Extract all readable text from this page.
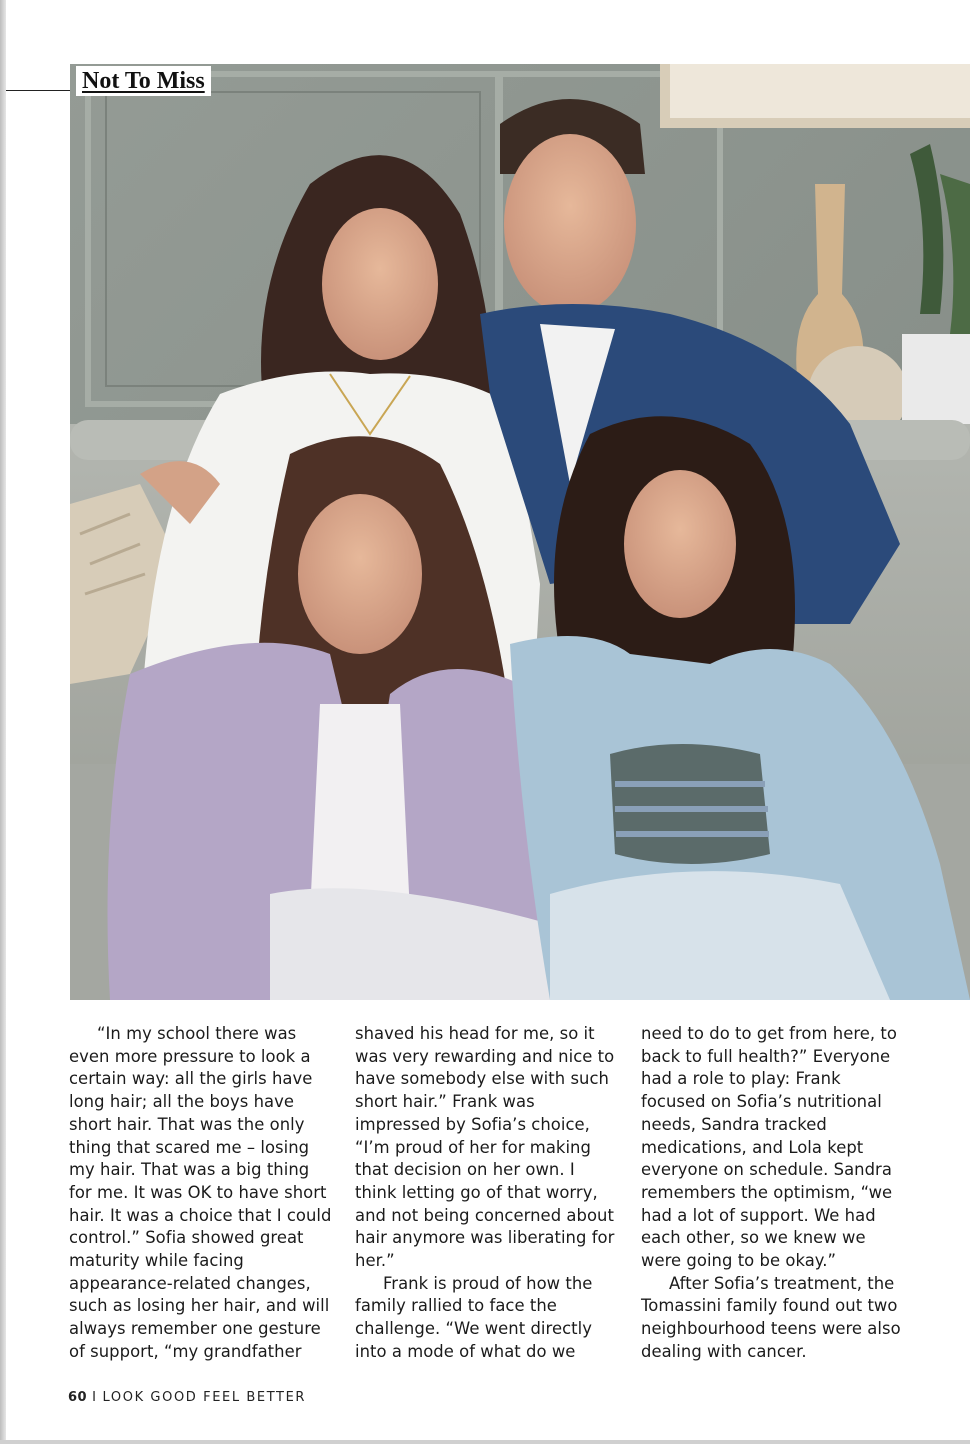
Not To Miss

“In my school there was even more pressure to look a certain way: all the girls have long hair; all the boys have short hair. That was the only thing that scared me – losing my hair. That was a big thing for me. It was OK to have short hair. It was a choice that I could control.” Sofia showed great maturity while facing appearance-related changes, such as losing her hair, and will always remember one gesture of support, “my grandfather

shaved his head for me, so it was very rewarding and nice to have somebody else with such short hair.” Frank was impressed by Sofia’s choice, “I’m proud of her for making that decision on her own. I think letting go of that worry, and not being concerned about hair anymore was liberating for her.”

Frank is proud of how the family rallied to face the challenge. “We went directly into a mode of what do we

need to do to get from here, to back to full health?” Everyone had a role to play: Frank focused on Sofia’s nutritional needs, Sandra tracked medications, and Lola kept everyone on schedule. Sandra remembers the optimism, “we had a lot of support. We had each other, so we knew we were going to be okay.”

After Sofia’s treatment, the Tomassini family found out two neighbourhood teens were also dealing with cancer.

60 I LOOK GOOD FEEL BETTER
